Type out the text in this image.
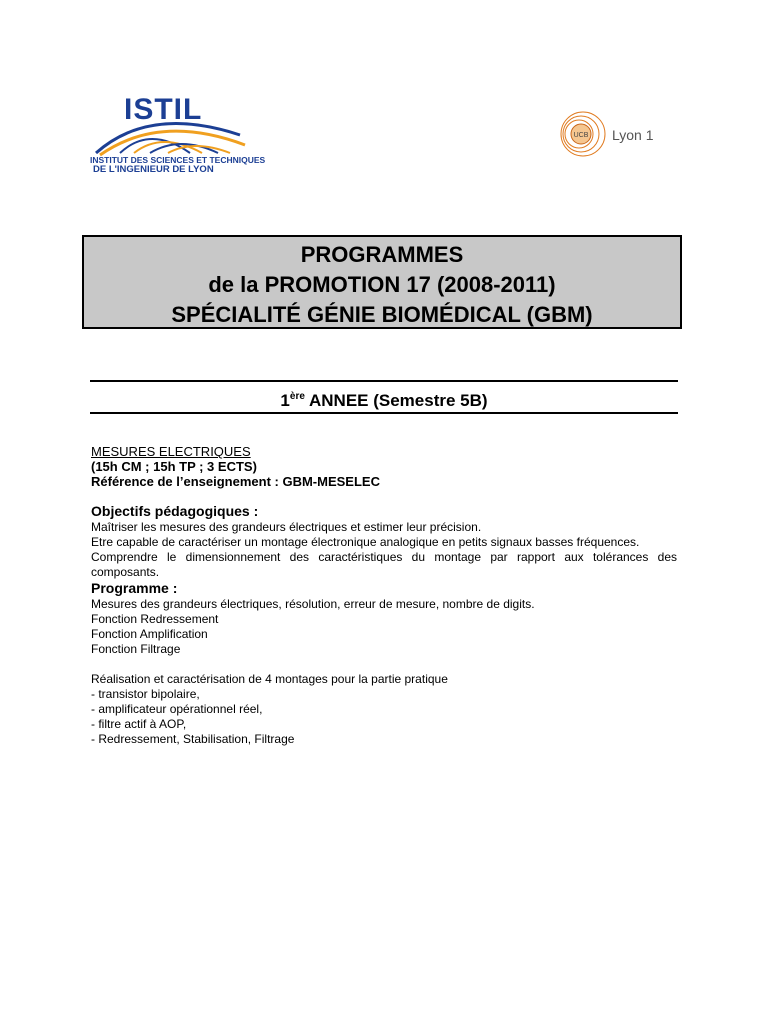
ISTIL
INSTITUT DES SCIENCES ET TECHNIQUES
DE L'INGENIEUR DE LYON
UCB Lyon 1
PROGRAMMES
de la PROMOTION 17 (2008-2011)
SPÉCIALITÉ GÉNIE BIOMÉDICAL (GBM)
1ère ANNEE (Semestre 5B)

MESURES ELECTRIQUES

(15h CM ; 15h TP ; 3 ECTS)

Référence de l’enseignement : GBM-MESELEC

Objectifs pédagogiques :

Maîtriser les mesures des grandeurs électriques et estimer leur précision.

Etre capable de caractériser un montage électronique analogique en petits signaux basses fréquences.

Comprendre le dimensionnement des caractéristiques du montage par rapport aux tolérances des composants.

Programme :

Mesures des grandeurs électriques, résolution, erreur de mesure, nombre de digits.

Fonction Redressement

Fonction Amplification

Fonction Filtrage

Réalisation et caractérisation de 4 montages pour la partie pratique

- transistor bipolaire,

- amplificateur opérationnel réel,

- filtre actif à AOP,

- Redressement, Stabilisation, Filtrage
